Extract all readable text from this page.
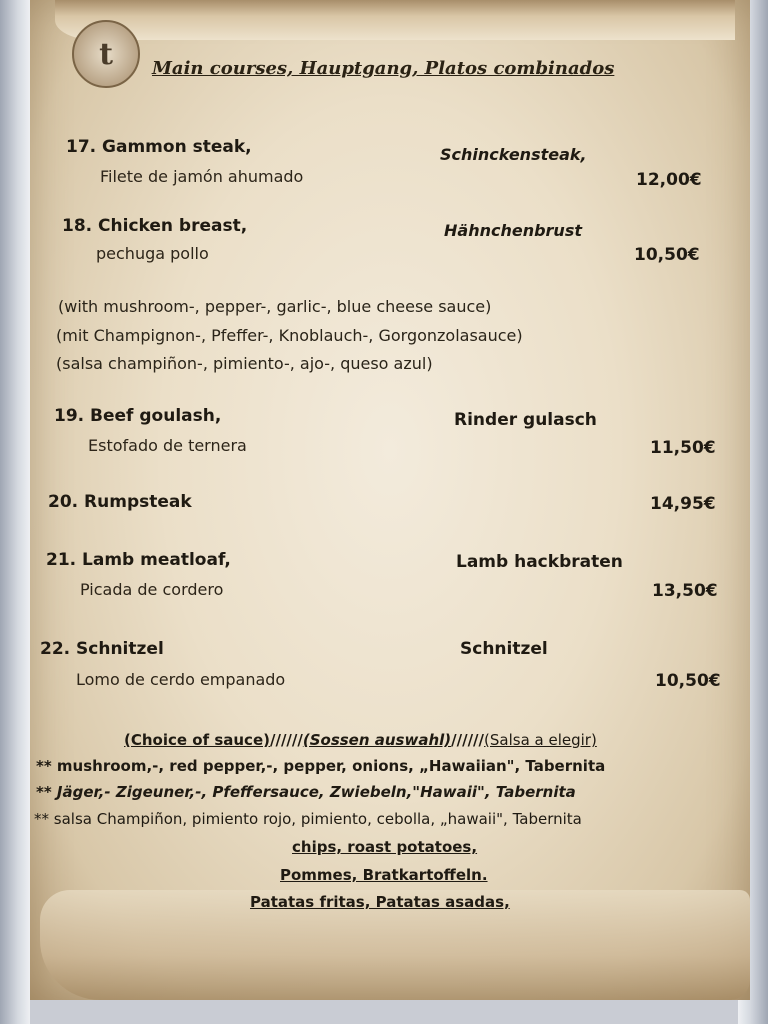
t Main courses, Hauptgang, Platos combinados
17. Gammon steak,	Schinckensteak,
Filete de jamón ahumado	12,00€
18. Chicken breast,	Hähnchenbrust
pechuga pollo	10,50€
(with mushroom-, pepper-, garlic-, blue cheese sauce)
(mit Champignon-, Pfeffer-, Knoblauch-, Gorgonzolasauce)
(salsa champiñon-, pimiento-, ajo-, queso azul)
19. Beef goulash,	Rinder gulasch
Estofado de ternera	11,50€
20. Rumpsteak	14,95€
21. Lamb meatloaf,	Lamb hackbraten
Picada de cordero	13,50€
22. Schnitzel	Schnitzel
Lomo de cerdo empanado	10,50€
(Choice of sauce)//////(Sossen auswahl)//////(Salsa a elegir)
** mushroom,-, red pepper,-, pepper, onions, „Hawaiian", Tabernita
** Jäger,- Zigeuner,-, Pfeffersauce, Zwiebeln,"Hawaii", Tabernita
** salsa Champiñon, pimiento rojo, pimiento, cebolla, „hawaii", Tabernita
chips, roast potatoes,
Pommes, Bratkartoffeln.
Patatas fritas, Patatas asadas,
